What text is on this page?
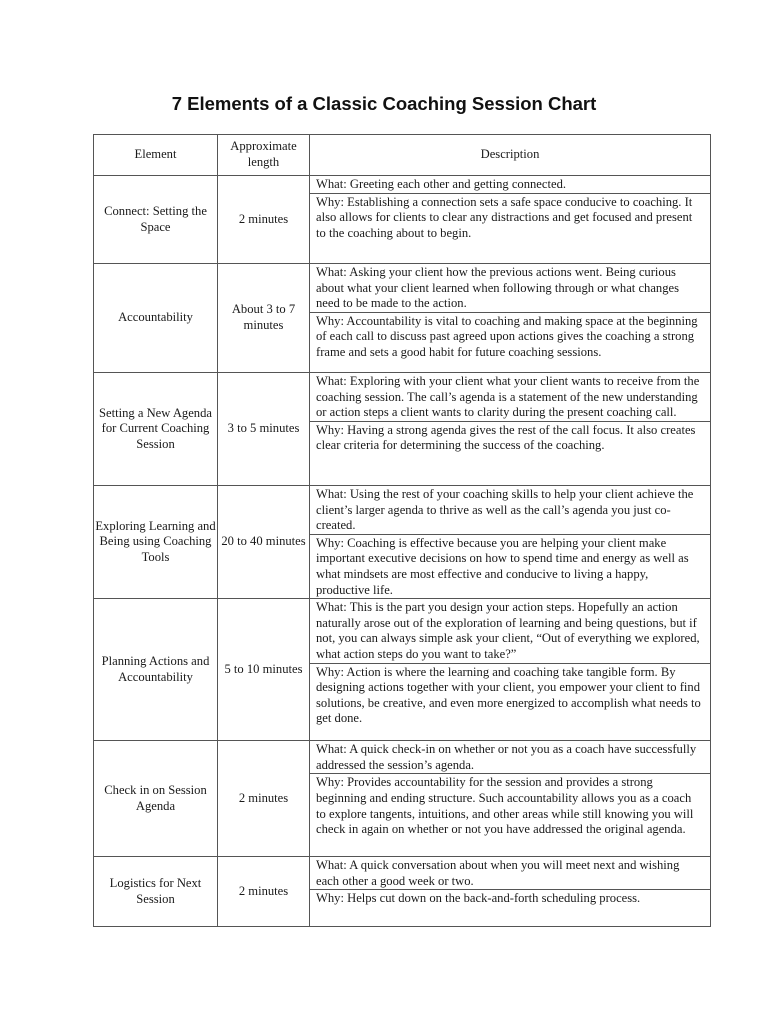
7 Elements of a Classic Coaching Session Chart
Element	Approximate length	Description
Connect: Setting the Space	2 minutes	What: Greeting each other and getting connected.
Why: Establishing a connection sets a safe space conducive to coaching. It also allows for clients to clear any distractions and get focused and present to the coaching about to begin.

Accountability	About 3 to 7 minutes	What: Asking your client how the previous actions went. Being curious about what your client learned when following through or what changes need to be made to the action.
Why: Accountability is vital to coaching and making space at the beginning of each call to discuss past agreed upon actions gives the coaching a strong frame and sets a good habit for future coaching sessions.

Setting a New Agenda for Current Coaching Session	3 to 5 minutes	What: Exploring with your client what your client wants to receive from the coaching session. The call’s agenda is a statement of the new understanding or action steps a client wants to clarity during the present coaching call.
Why: Having a strong agenda gives the rest of the call focus. It also creates clear criteria for determining the success of the coaching.

Exploring Learning and Being using Coaching Tools	20 to 40 minutes	What: Using the rest of your coaching skills to help your client achieve the client’s larger agenda to thrive as well as the call’s agenda you just co-created.
Why: Coaching is effective because you are helping your client make important executive decisions on how to spend time and energy as well as what mindsets are most effective and conducive to living a happy, productive life.

Planning Actions and Accountability	5 to 10 minutes	What: This is the part you design your action steps. Hopefully an action naturally arose out of the exploration of learning and being questions, but if not, you can always simple ask your client, “Out of everything we explored, what action steps do you want to take?”
Why: Action is where the learning and coaching take tangible form. By designing actions together with your client, you empower your client to find solutions, be creative, and even more energized to accomplish what needs to get done.

Check in on Session Agenda	2 minutes	What: A quick check-in on whether or not you as a coach have successfully addressed the session’s agenda.
Why: Provides accountability for the session and provides a strong beginning and ending structure. Such accountability allows you as a coach to explore tangents, intuitions, and other areas while still knowing you will check in again on whether or not you have addressed the original agenda.

Logistics for Next Session	2 minutes	What: A quick conversation about when you will meet next and wishing each other a good week or two.
Why: Helps cut down on the back-and-forth scheduling process.
